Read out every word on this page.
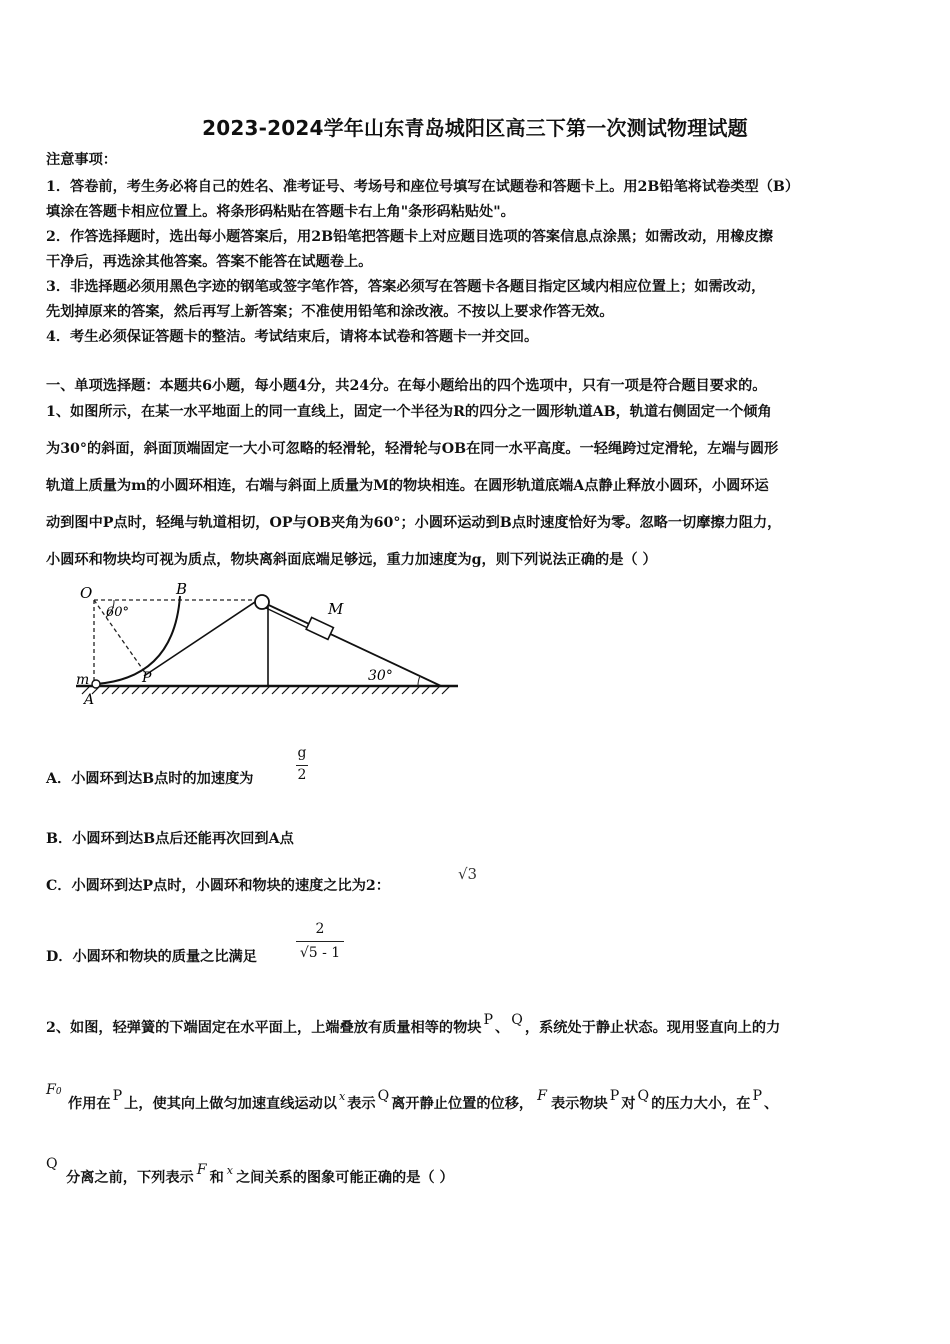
2023-2024学年山东青岛城阳区高三下第一次测试物理试题
注意事项：
1．答卷前，考生务必将自己的姓名、准考证号、考场号和座位号填写在试题卷和答题卡上。用2B铅笔将试卷类型（B）
填涂在答题卡相应位置上。将条形码粘贴在答题卡右上角"条形码粘贴处"。
2．作答选择题时，选出每小题答案后，用2B铅笔把答题卡上对应题目选项的答案信息点涂黑；如需改动，用橡皮擦
干净后，再选涂其他答案。答案不能答在试题卷上。
3．非选择题必须用黑色字迹的钢笔或签字笔作答，答案必须写在答题卡各题目指定区域内相应位置上；如需改动，
先划掉原来的答案，然后再写上新答案；不准使用铅笔和涂改液。不按以上要求作答无效。
4．考生必须保证答题卡的整洁。考试结束后，请将本试卷和答题卡一并交回。
一、单项选择题：本题共6小题，每小题4分，共24分。在每小题给出的四个选项中，只有一项是符合题目要求的。
1、如图所示，在某一水平地面上的同一直线上，固定一个半径为R的四分之一圆形轨道AB，轨道右侧固定一个倾角
为30°的斜面，斜面顶端固定一大小可忽略的轻滑轮，轻滑轮与OB在同一水平高度。一轻绳跨过定滑轮，左端与圆形
轨道上质量为m的小圆环相连，右端与斜面上质量为M的物块相连。在圆形轨道底端A点静止释放小圆环，小圆环运
动到图中P点时，轻绳与轨道相切，OP与OB夹角为60°；小圆环运动到B点时速度恰好为零。忽略一切摩擦力阻力，
小圆环和物块均可视为质点，物块离斜面底端足够远，重力加速度为g，则下列说法正确的是（ ）
O	B
60°	M
m	P
A
30°
A．小圆环到达B点时的加速度为
g
2
B．小圆环到达B点后还能再次回到A点
C．小圆环到达P点时，小圆环和物块的速度之比为2：
√3
D．小圆环和物块的质量之比满足
2
√5 - 1
2、如图，轻弹簧的下端固定在水平面上，上端叠放有质量相等的物块 P 、 Q ，系统处于静止状态。现用竖直向上的力
F0
作用在 P 上，使其向上做匀加速直线运动以 $^x$ 表示 Q 离开静止位置的位移， F 表示物块 P 对 Q 的压力大小，在 P 、
Q
分离之前，下列表示 F 和 $^x$ 之间关系的图象可能正确的是（ ）
